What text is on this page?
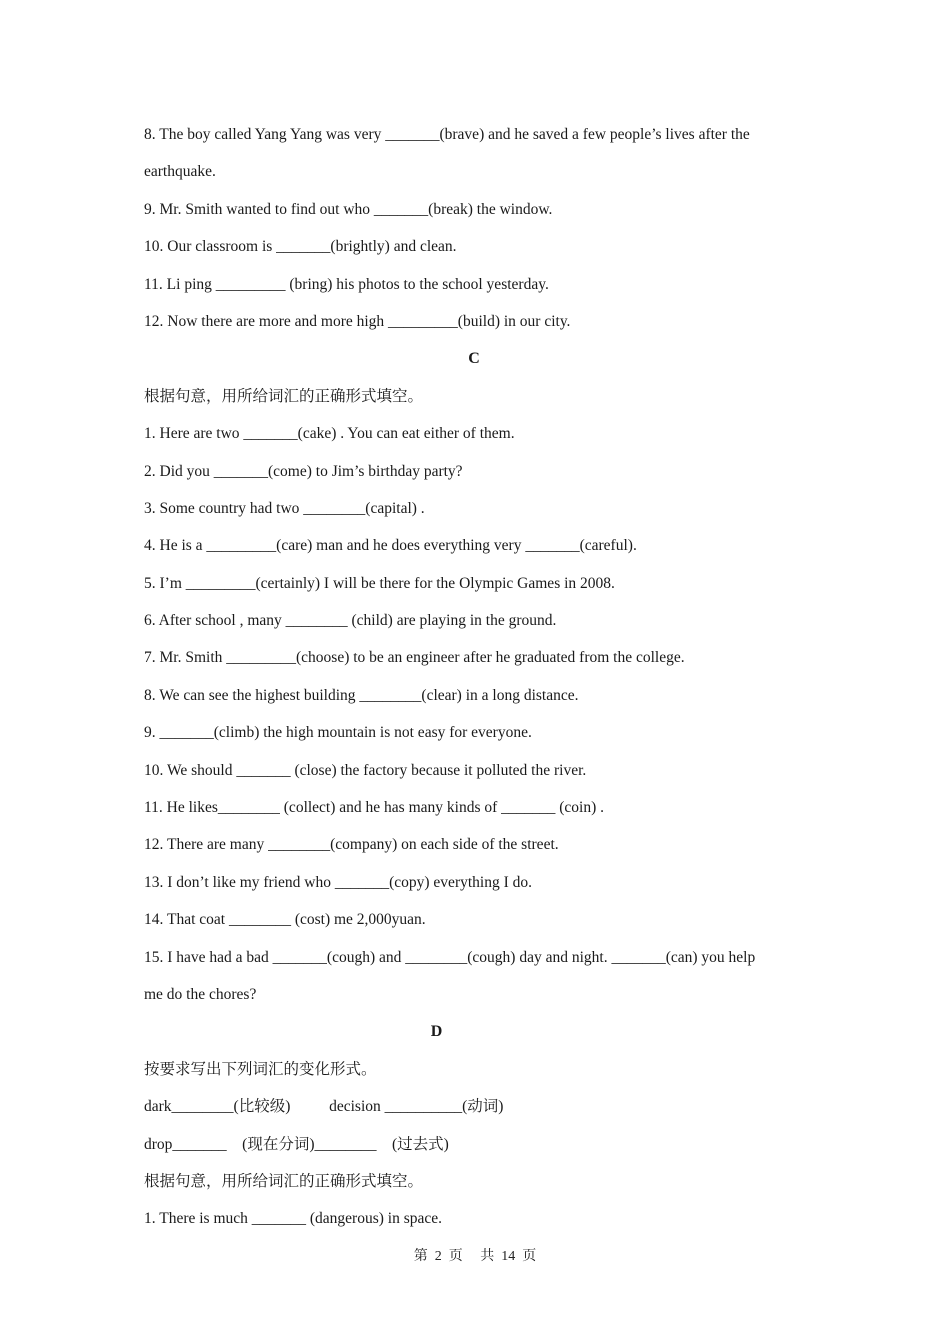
8. The boy called Yang Yang was very _______(brave) and he saved a few people’s lives after the
earthquake.
9. Mr. Smith wanted to find out who _______(break) the window.
10. Our classroom is _______(brightly) and clean.
11. Li ping _________ (bring) his photos to the school yesterday.
12. Now there are more and more high _________(build) in our city.
C
根据句意，用所给词汇的正确形式填空。
1. Here are two _______(cake) . You can eat either of them.
2. Did you _______(come) to Jim’s birthday party?
3. Some country had two ________(capital) .
4. He is a _________(care) man and he does everything very _______(careful).
5. I’m _________(certainly) I will be there for the Olympic Games in 2008.
6. After school , many ________ (child) are playing in the ground.
7. Mr. Smith _________(choose) to be an engineer after he graduated from the college.
8. We can see the highest building ________(clear) in a long distance.
9. _______(climb) the high mountain is not easy for everyone.
10. We should _______ (close) the factory because it polluted the river.
11. He likes________ (collect) and he has many kinds of _______ (coin) .
12. There are many ________(company) on each side of the street.
13. I don’t like my friend who _______(copy) everything I do.
14. That coat ________ (cost) me 2,000yuan.
15. I have had a bad _______(cough) and ________(cough) day and night. _______(can) you help
me do the chores?
D
按要求写出下列词汇的变化形式。
dark________(比较级)          decision __________(动词)
drop_______    (现在分词)________    (过去式)
根据句意，用所给词汇的正确形式填空。
1. There is much _______ (dangerous) in space.
第  2  页     共  14  页
